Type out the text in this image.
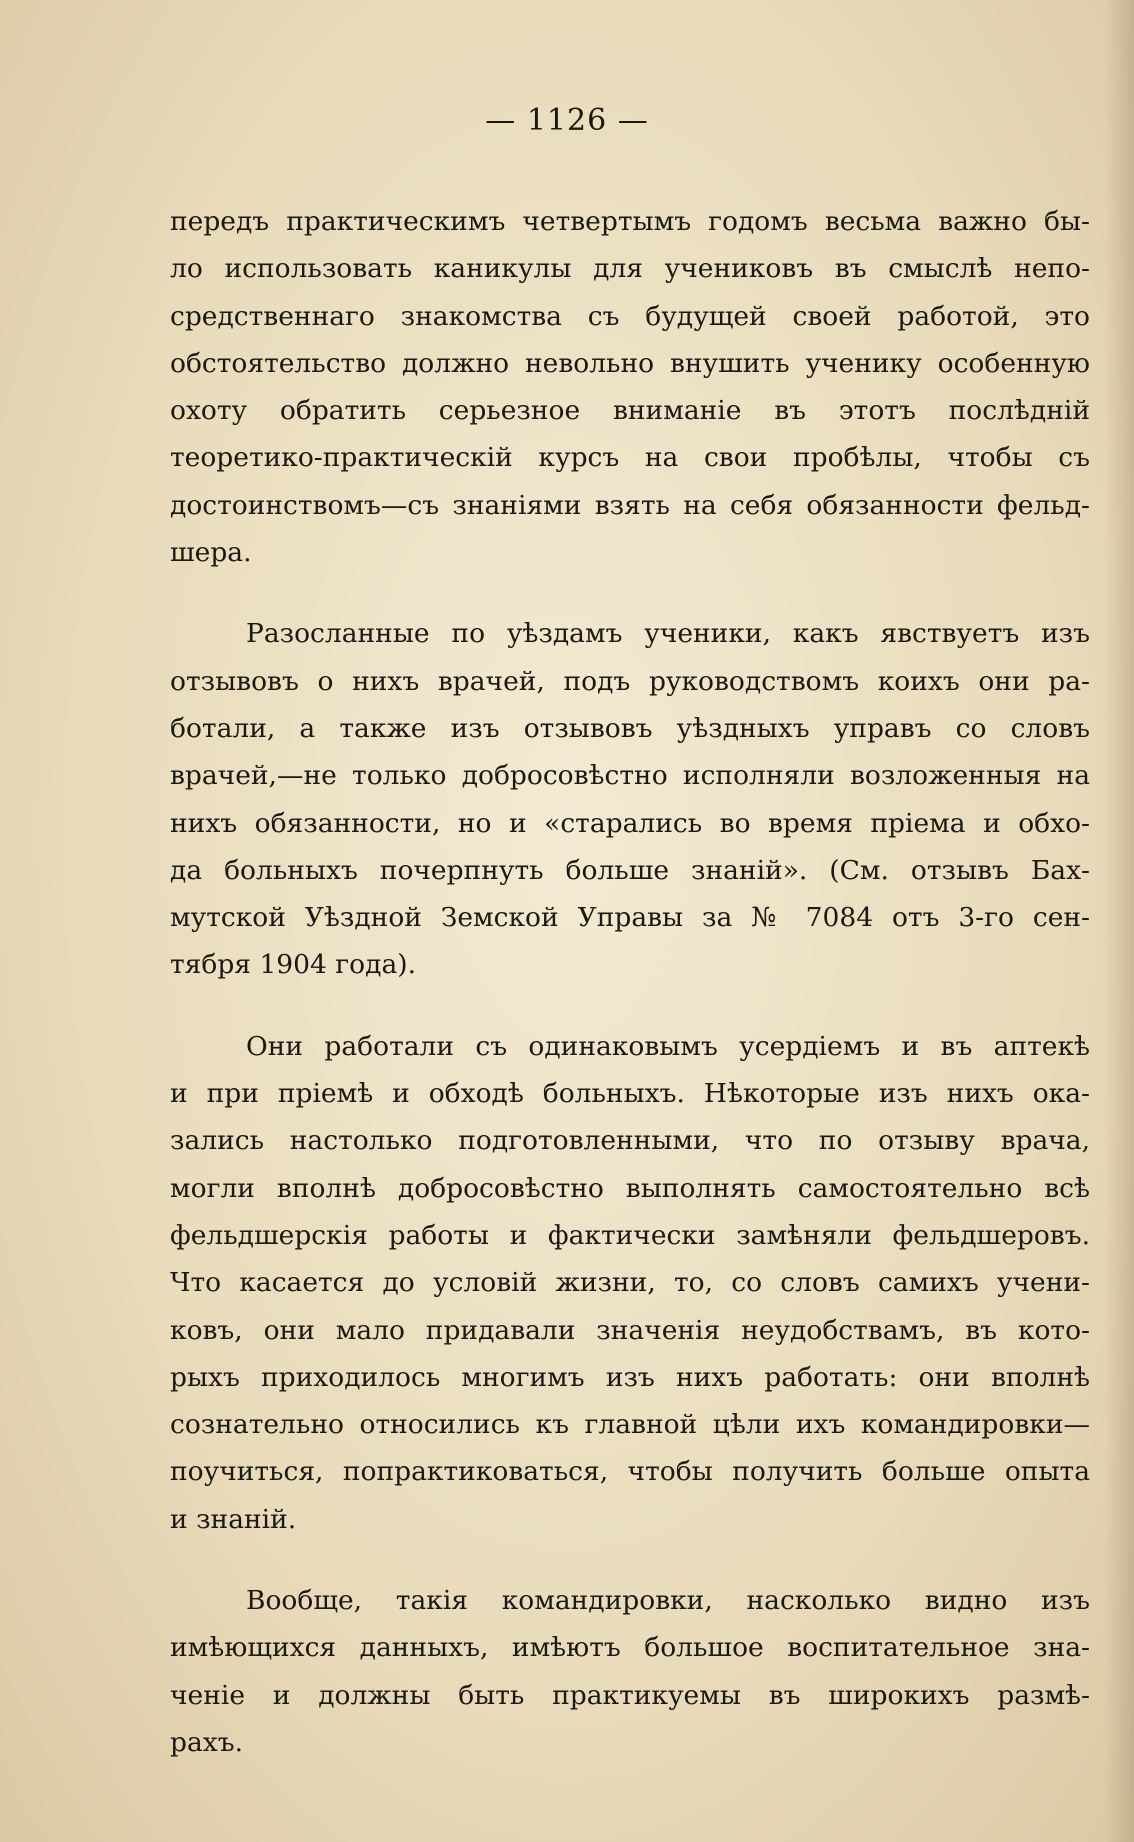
— 1126 —
передъ практическимъ четвертымъ годомъ весьма важно бы-
ло использовать каникулы для учениковъ въ смыслѣ непо-
средственнаго знакомства съ будущей своей работой, это
обстоятельство должно невольно внушить ученику особенную
охоту обратить серьезное вниманіе въ этотъ послѣдній
теоретико-практическій курсъ на свои пробѣлы, чтобы съ
достоинствомъ—съ знаніями взять на себя обязанности фельд-
шера.
Разосланные по уѣздамъ ученики, какъ явствуетъ изъ
отзывовъ о нихъ врачей, подъ руководствомъ коихъ они ра-
ботали, а также изъ отзывовъ уѣздныхъ управъ со словъ
врачей,—не только добросовѣстно исполняли возложенныя на
нихъ обязанности, но и «старались во время пріема и обхо-
да больныхъ почерпнуть больше знаній». (См. отзывъ Бах-
мутской Уѣздной Земской Управы за № 7084 отъ 3-го сен-
тября 1904 года).
Они работали съ одинаковымъ усердіемъ и въ аптекѣ
и при пріемѣ и обходѣ больныхъ. Нѣкоторые изъ нихъ ока-
зались настолько подготовленными, что по отзыву врача,
могли вполнѣ добросовѣстно выполнять самостоятельно всѣ
фельдшерскія работы и фактически замѣняли фельдшеровъ.
Что касается до условій жизни, то, со словъ самихъ учени-
ковъ, они мало придавали значенія неудобствамъ, въ кото-
рыхъ приходилось многимъ изъ нихъ работать: они вполнѣ
сознательно относились къ главной цѣли ихъ командировки—
поучиться, попрактиковаться, чтобы получить больше опыта
и знаній.
Вообще, такія командировки, насколько видно изъ
имѣющихся данныхъ, имѣютъ большое воспитательное зна-
ченіе и должны быть практикуемы въ широкихъ размѣ-
рахъ.
